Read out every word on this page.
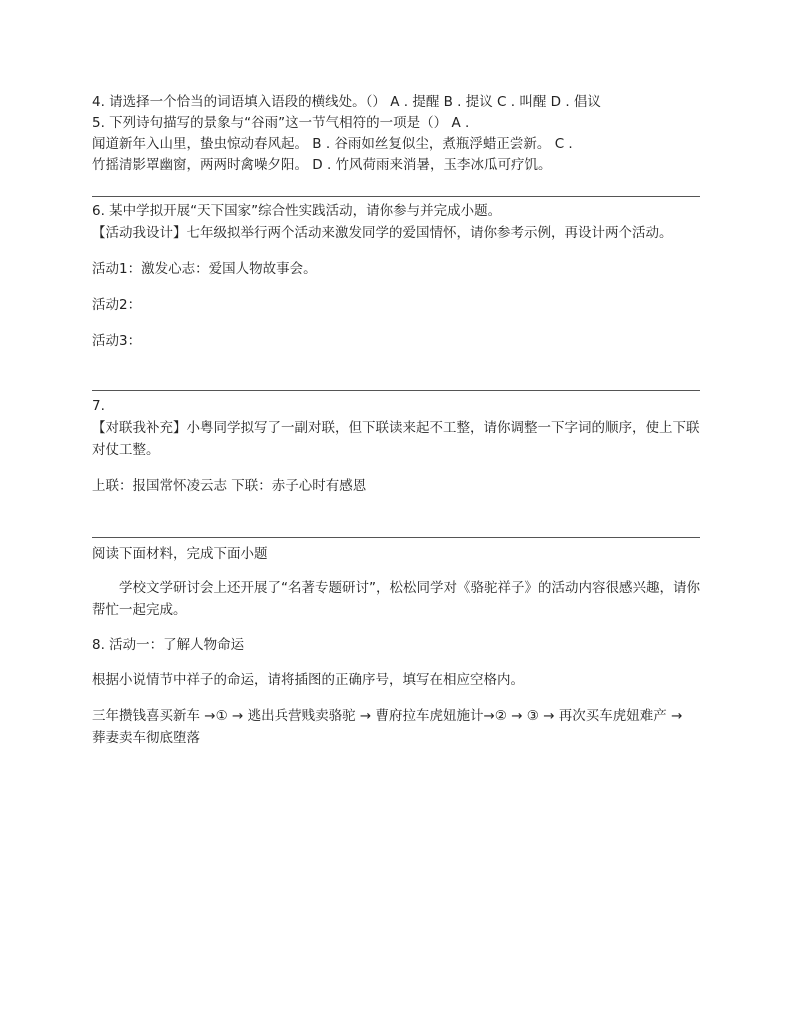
4. 请选择一个恰当的词语填入语段的横线处。（） A . 提醒 B . 提议 C . 叫醒 D . 倡议
5. 下列诗句描写的景象与“谷雨”这一节气相符的一项是（） A .
闻道新年入山里，蛰虫惊动春风起。 B . 谷雨如丝复似尘，煮瓶浮蜡正尝新。 C .
竹摇清影罩幽窗，两两时禽噪夕阳。 D . 竹风荷雨来消暑，玉李冰瓜可疗饥。
6. 某中学拟开展“天下国家”综合性实践活动，请你参与并完成小题。
【活动我设计】七年级拟举行两个活动来激发同学的爱国情怀，请你参考示例，再设计两个活动。
活动1：激发心志：爱国人物故事会。
活动2：
活动3：
7.
【对联我补充】小粤同学拟写了一副对联，但下联读来起不工整，请你调整一下字词的顺序，使上下联对仗工整。
上联：报国常怀凌云志 下联：赤子心时有感恩
阅读下面材料，完成下面小题
学校文学研讨会上还开展了“名著专题研讨”，松松同学对《骆驼祥子》的活动内容很感兴趣，请你帮忙一起完成。
8. 活动一：了解人物命运
根据小说情节中祥子的命运，请将插图的正确序号，填写在相应空格内。
三年攒钱喜买新车 →① → 逃出兵营贱卖骆驼 → 曹府拉车虎妞施计→② → ③ → 再次买车虎妞难产 → 葬妻卖车彻底堕落
